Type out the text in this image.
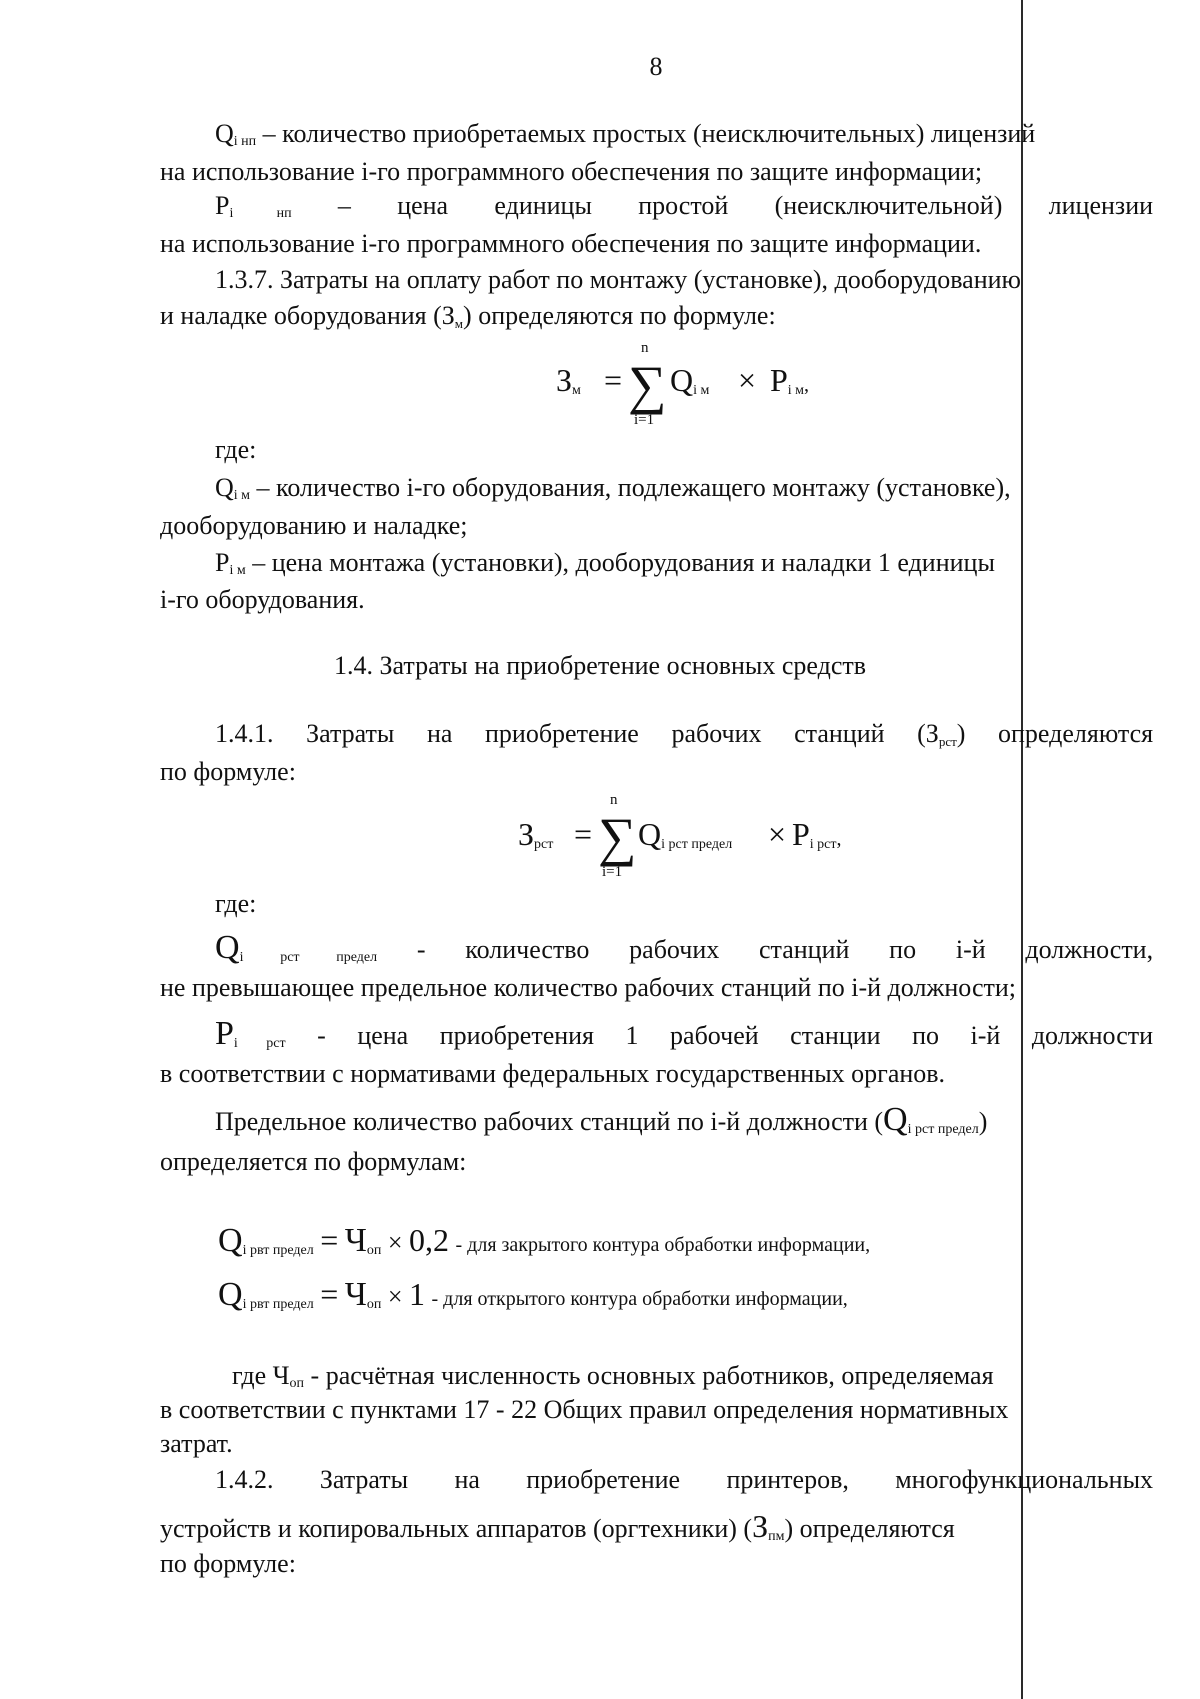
8
$Q_{i нп}$ – количество приобретаемых простых (неисключительных) лицензий
на использование i-го программного обеспечения по защите информации;
$P_{i нп}$ – цена единицы простой (неисключительной) лицензии
на использование i-го программного обеспечения по защите информации.
1.3.7. Затраты на оплату работ по монтажу (установке), дооборудованию
и наладке оборудования (Зм) определяются по формуле:
$З_м$ =
n
∑
i=1
$Q_{i м} \times P_{i м}$,
где:
$Q_{i м}$ – количество i-го оборудования, подлежащего монтажу (установке),
дооборудованию и наладке;
$P_{i м}$ – цена монтажа (установки), дооборудования и наладки 1 единицы
i-го оборудования.
1.4. Затраты на приобретение основных средств
1.4.1. Затраты на приобретение рабочих станций (Зрст) определяются
по формуле:
$З_{рст}$ =
n
∑
i=1
$Q_{i рст предел} \times P_{i рст}$,
где:
$Q_{i рст предел}$ - количество рабочих станций по i-й должности,
не превышающее предельное количество рабочих станций по i-й должности;
$P_{i рст}$ - цена приобретения 1 рабочей станции по i-й должности
в соответствии с нормативами федеральных государственных органов.
Предельное количество рабочих станций по i-й должности $(Q_{i рст предел})$
определяется по формулам:
$Q_{i рвт предел} = Ч_{оп} \times 0,2$ - для закрытого контура обработки информации,
$Q_{i рвт предел} = Ч_{оп} \times 1$ - для открытого контура обработки информации,
где $Ч_{оп}$ - расчётная численность основных работников, определяемая
в соответствии с пунктами 17 - 22 Общих правил определения нормативных
затрат.
1.4.2. Затраты на приобретение принтеров, многофункциональных
устройств и копировальных аппаратов (оргтехники) $(З_{пм})$ определяются
по формуле:
